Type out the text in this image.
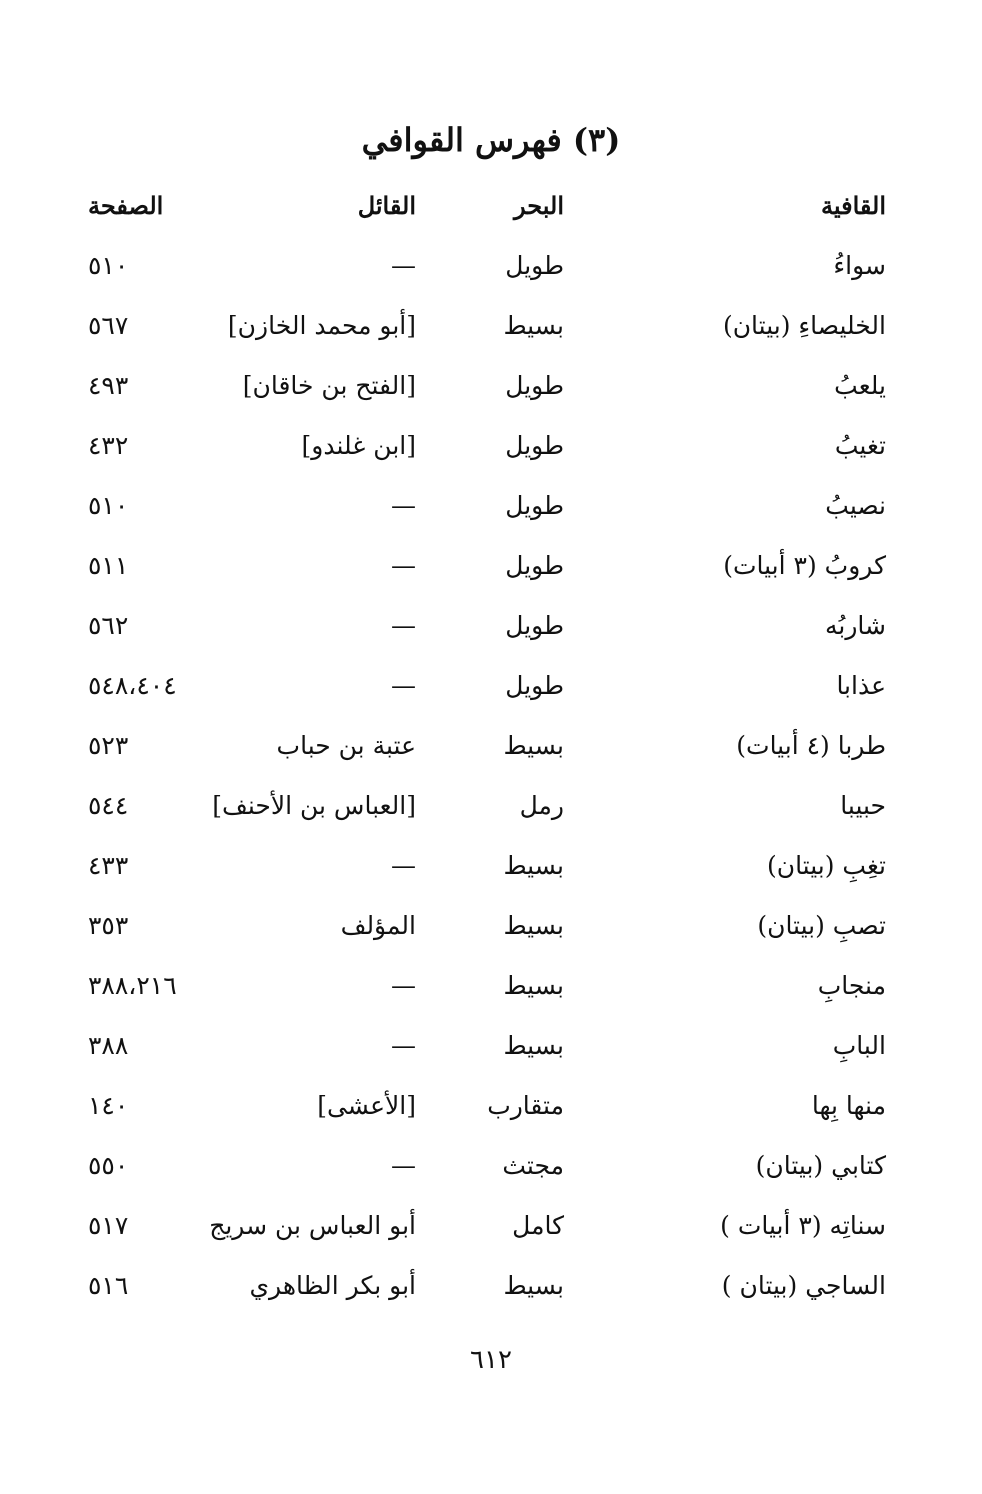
(٣) فهرس القوافي
القافية
البحر
القائل
الصفحة
سواءُ
طويل
—
٥١٠
الخليصاءِ (بيتان)
بسيط
[أبو محمد الخازن]
٥٦٧
يلعبُ
طويل
[الفتح بن خاقان]
٤٩٣
تغيبُ
طويل
[ابن غلندو]
٤٣٢
نصيبُ
طويل
—
٥١٠
كروبُ (٣ أبيات)
طويل
—
٥١١
شاربُه
طويل
—
٥٦٢
عذابا
طويل
—
٥٤٨،٤٠٤
طربا (٤ أبيات)
بسيط
عتبة بن حباب
٥٢٣
حبيبا
رمل
[العباس بن الأحنف]
٥٤٤
تغِبِ (بيتان)
بسيط
—
٤٣٣
تصبِ (بيتان)
بسيط
المؤلف
٣٥٣
منجابِ
بسيط
—
٣٨٨،٢١٦
البابِ
بسيط
—
٣٨٨
منها بِها
متقارب
[الأعشى]
١٤٠
كتابي (بيتان)
مجتث
—
٥٥٠
سناتِه (٣ أبيات )
كامل
أبو العباس بن سريج
٥١٧
الساجي (بيتان )
بسيط
أبو بكر الظاهري
٥١٦
٦١٢
